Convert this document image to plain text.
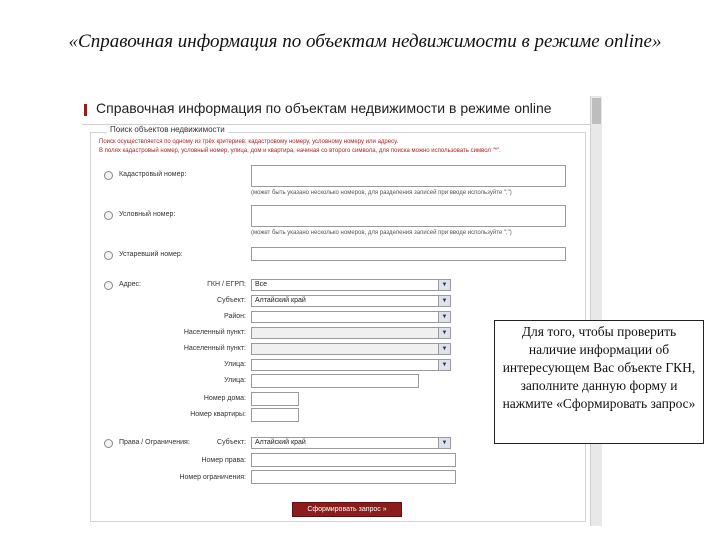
«Справочная информация по объектам недвижимости в режиме online»
Справочная информация по объектам недвижимости в режиме online
Поиск объектов недвижимости
Поиск осуществляется по одному из трёх критериев: кадастровому номеру, условному номеру или адресу.
В полях кадастровый номер, условный номер, улица, дом и квартира, начиная со второго символа, для поиска можно использовать символ "*".
Кадастровый номер:
(может быть указано несколько номеров, для разделения записей при вводе используйте ";")
Условный номер:
(может быть указано несколько номеров, для разделения записей при вводе используйте ";")
Устаревший номер:
Адрес:	ГКН / ЕГРП:	Все	▼
Субъект:	Алтайский край	▼
Район:	▼
Населенный пункт:	▼
Населенный пункт:	▼
Улица:	▼
Улица:
Номер дома:
Номер квартиры:
Права / Ограничения:	Субъект:	Алтайский край	▼
Номер права:
Номер ограничения:
Сформировать запрос »
Для того, чтобы проверить наличие информации об интересующем Вас объекте ГКН, заполните данную форму и нажмите «Сформировать запрос»
